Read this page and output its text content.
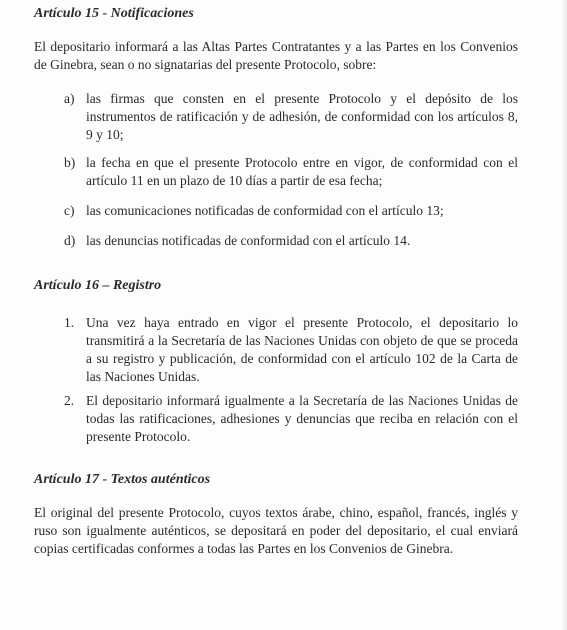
Artículo 15 - Notificaciones
El depositario informará a las Altas Partes Contratantes y a las Partes en los Convenios de Ginebra, sean o no signatarias del presente Protocolo, sobre:
a) las firmas que consten en el presente Protocolo y el depósito de los instrumentos de ratificación y de adhesión, de conformidad con los artículos 8, 9 y 10;
b) la fecha en que el presente Protocolo entre en vigor, de conformidad con el artículo 11 en un plazo de 10 días a partir de esa fecha;
c) las comunicaciones notificadas de conformidad con el artículo 13;
d) las denuncias notificadas de conformidad con el artículo 14.
Artículo 16 – Registro
1. Una vez haya entrado en vigor el presente Protocolo, el depositario lo transmitirá a la Secretaría de las Naciones Unidas con objeto de que se proceda a su registro y publicación, de conformidad con el artículo 102 de la Carta de las Naciones Unidas.
2. El depositario informará igualmente a la Secretaría de las Naciones Unidas de todas las ratificaciones, adhesiones y denuncias que reciba en relación con el presente Protocolo.
Artículo 17 - Textos auténticos
El original del presente Protocolo, cuyos textos árabe, chino, español, francés, inglés y ruso son igualmente auténticos, se depositará en poder del depositario, el cual enviará copias certificadas conformes a todas las Partes en los Convenios de Ginebra.
